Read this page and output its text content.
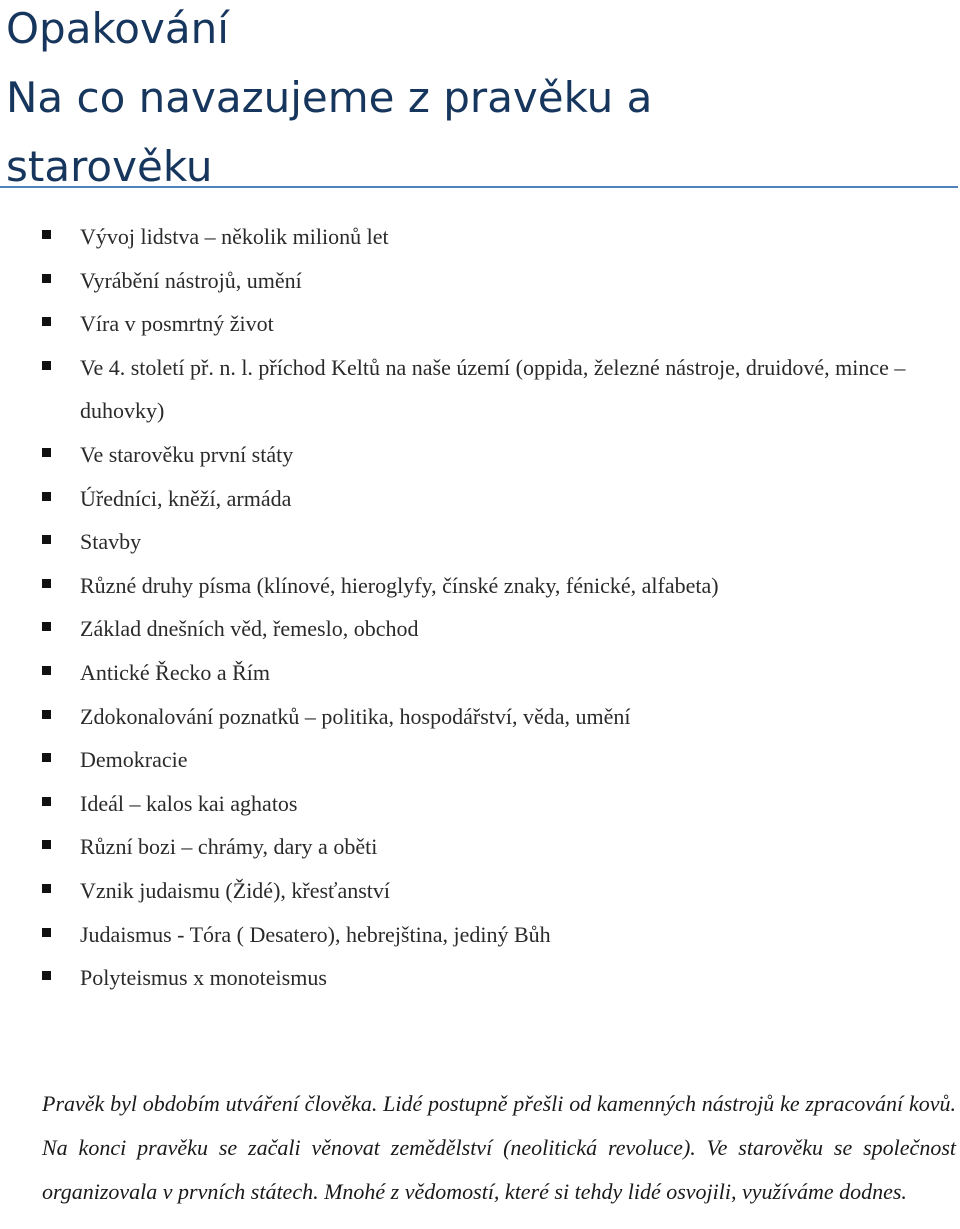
Opakování
Na co navazujeme z pravěku a
starověku
Vývoj lidstva – několik milionů let
Vyrábění nástrojů, umění
Víra v posmrtný život
Ve 4. století př. n. l. příchod Keltů na naše území (oppida, železné nástroje, druidové, mince – duhovky)
Ve starověku první státy
Úředníci, kněží, armáda
Stavby
Různé druhy písma (klínové, hieroglyfy, čínské znaky, fénické, alfabeta)
Základ dnešních věd, řemeslo, obchod
Antické Řecko a Řím
Zdokonalování poznatků – politika, hospodářství, věda, umění
Demokracie
Ideál – kalos kai aghatos
Různí bozi – chrámy, dary a oběti
Vznik judaismu (Židé), křesťanství
Judaismus - Tóra ( Desatero), hebrejština, jediný Bůh
Polyteismus x monoteismus

Pravěk byl obdobím utváření člověka. Lidé postupně přešli od kamenných nástrojů ke zpracování kovů. Na konci pravěku se začali věnovat zemědělství (neolitická revoluce). Ve starověku se společnost organizovala v prvních státech. Mnohé z vědomostí, které si tehdy lidé osvojili, využíváme dodnes.
